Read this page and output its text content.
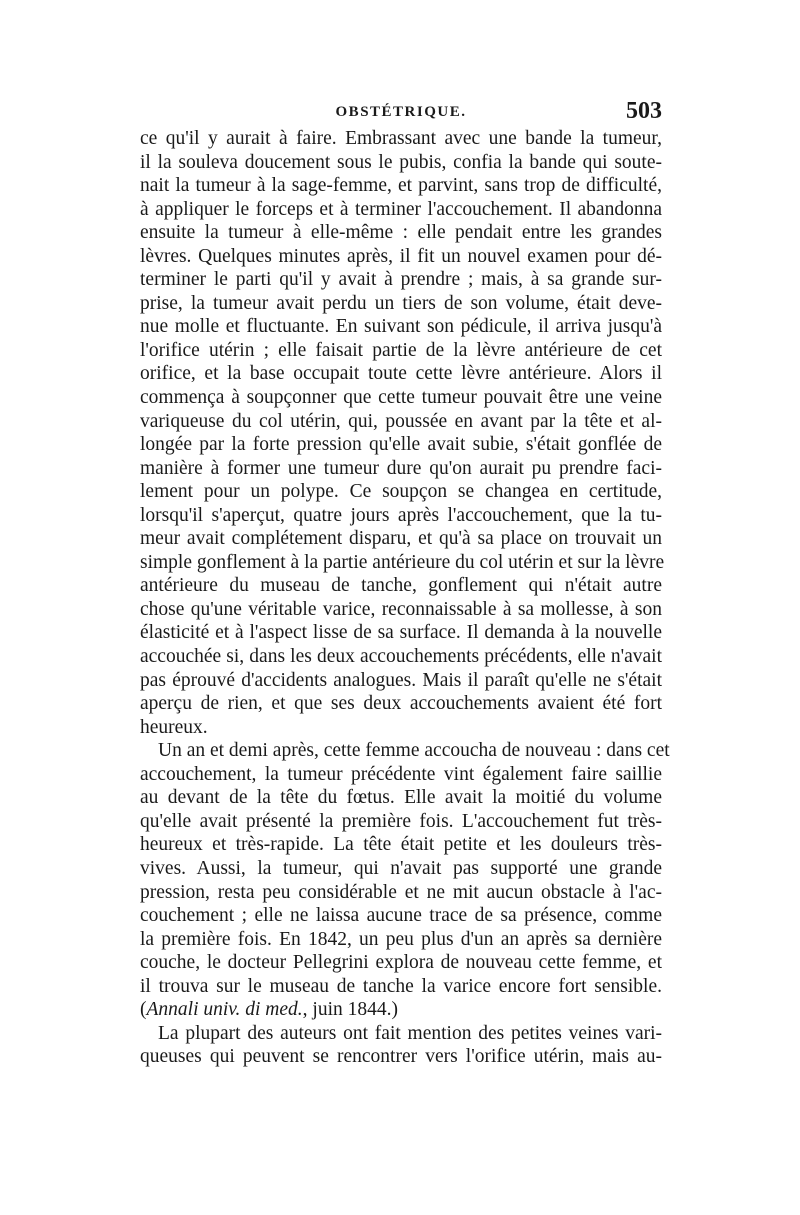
OBSTÉTRIQUE.	503
ce qu'il y aurait à faire. Embrassant avec une bande la tumeur,
il la souleva doucement sous le pubis, confia la bande qui soute-
nait la tumeur à la sage-femme, et parvint, sans trop de difficulté,
à appliquer le forceps et à terminer l'accouchement. Il abandonna
ensuite la tumeur à elle-même : elle pendait entre les grandes
lèvres. Quelques minutes après, il fit un nouvel examen pour dé-
terminer le parti qu'il y avait à prendre ; mais, à sa grande sur-
prise, la tumeur avait perdu un tiers de son volume, était deve-
nue molle et fluctuante. En suivant son pédicule, il arriva jusqu'à
l'orifice utérin ; elle faisait partie de la lèvre antérieure de cet
orifice, et la base occupait toute cette lèvre antérieure. Alors il
commença à soupçonner que cette tumeur pouvait être une veine
variqueuse du col utérin, qui, poussée en avant par la tête et al-
longée par la forte pression qu'elle avait subie, s'était gonflée de
manière à former une tumeur dure qu'on aurait pu prendre faci-
lement pour un polype. Ce soupçon se changea en certitude,
lorsqu'il s'aperçut, quatre jours après l'accouchement, que la tu-
meur avait complétement disparu, et qu'à sa place on trouvait un
simple gonflement à la partie antérieure du col utérin et sur la lèvre
antérieure du museau de tanche, gonflement qui n'était autre
chose qu'une véritable varice, reconnaissable à sa mollesse, à son
élasticité et à l'aspect lisse de sa surface. Il demanda à la nouvelle
accouchée si, dans les deux accouchements précédents, elle n'avait
pas éprouvé d'accidents analogues. Mais il paraît qu'elle ne s'était
aperçu de rien, et que ses deux accouchements avaient été fort
heureux.
Un an et demi après, cette femme accoucha de nouveau : dans cet
accouchement, la tumeur précédente vint également faire saillie
au devant de la tête du fœtus. Elle avait la moitié du volume
qu'elle avait présenté la première fois. L'accouchement fut très-
heureux et très-rapide. La tête était petite et les douleurs très-
vives. Aussi, la tumeur, qui n'avait pas supporté une grande
pression, resta peu considérable et ne mit aucun obstacle à l'ac-
couchement ; elle ne laissa aucune trace de sa présence, comme
la première fois. En 1842, un peu plus d'un an après sa dernière
couche, le docteur Pellegrini explora de nouveau cette femme, et
il trouva sur le museau de tanche la varice encore fort sensible.
(Annali univ. di med., juin 1844.)
La plupart des auteurs ont fait mention des petites veines vari-
queuses qui peuvent se rencontrer vers l'orifice utérin, mais au-
